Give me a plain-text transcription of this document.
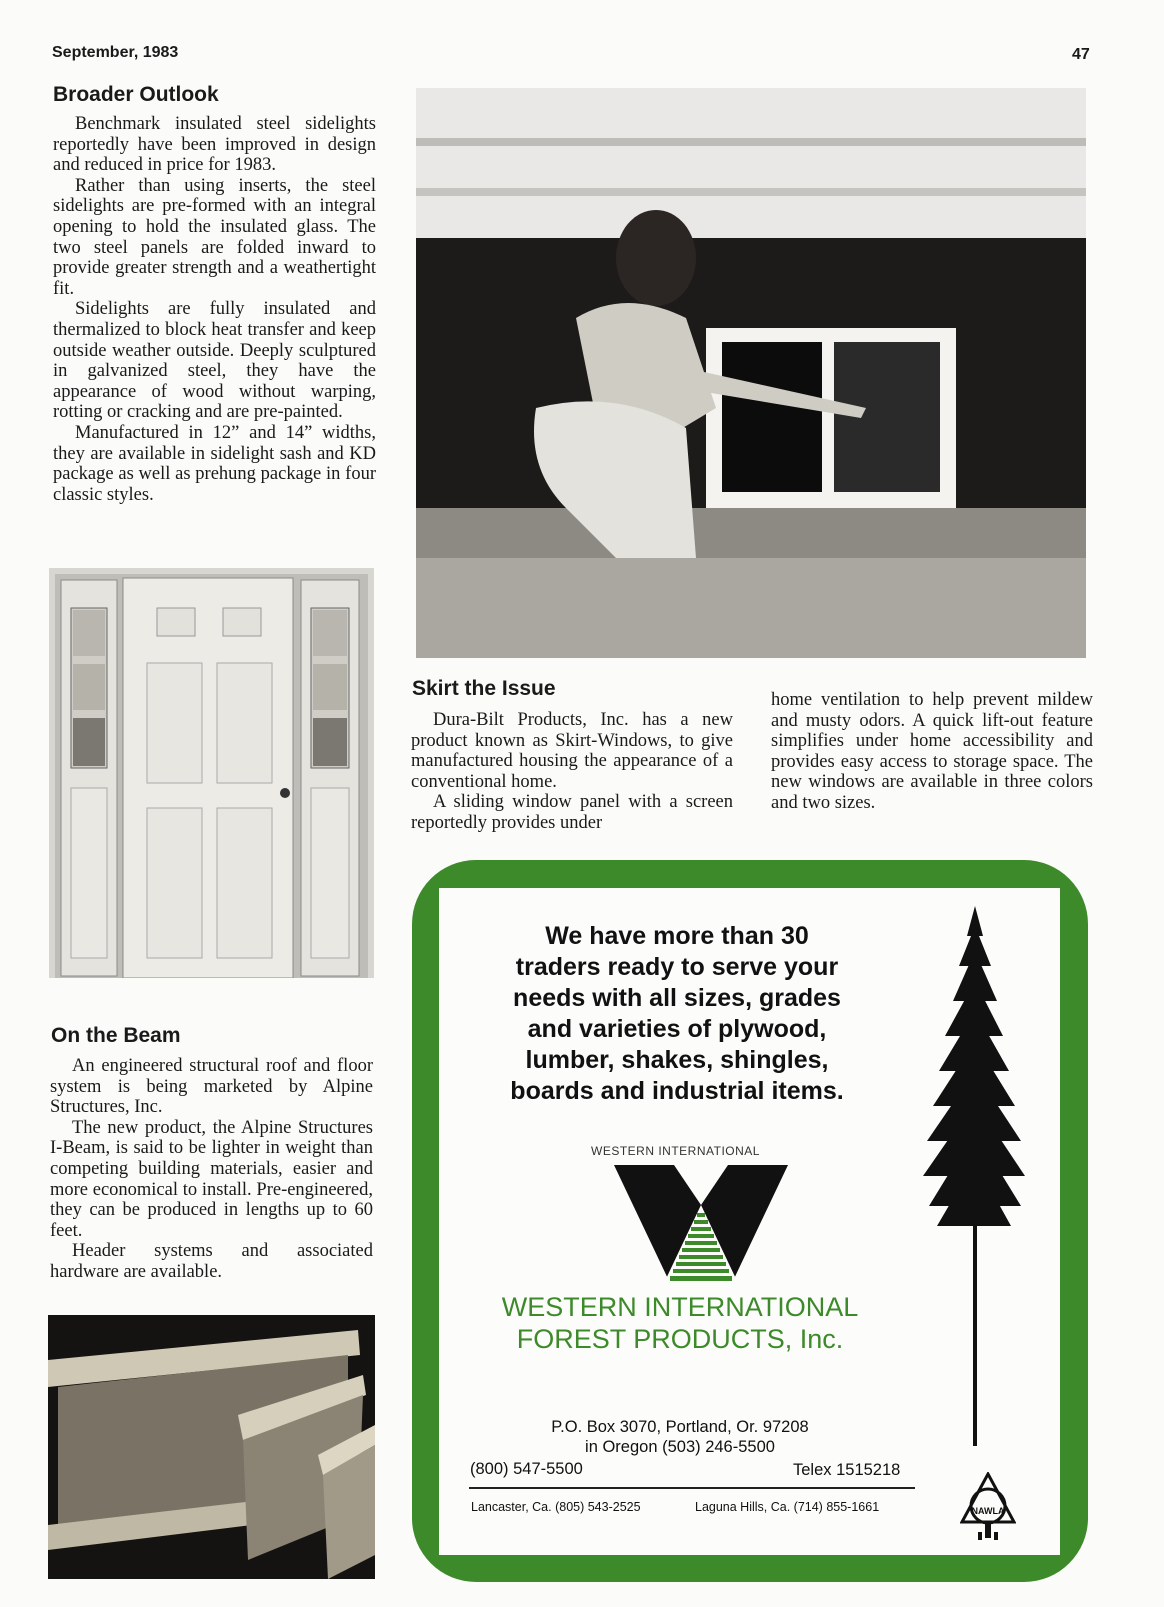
September, 1983	47
Broader Outlook

Benchmark insulated steel sidelights reportedly have been improved in design and reduced in price for 1983.

Rather than using inserts, the steel sidelights are pre-formed with an integral opening to hold the insulated glass. The two steel panels are folded inward to provide greater strength and a weathertight fit.

Sidelights are fully insulated and thermalized to block heat transfer and keep outside weather outside. Deeply sculptured in galvanized steel, they have the appearance of wood without warping, rotting or cracking and are pre-painted.

Manufactured in 12” and 14” widths, they are available in sidelight sash and KD package as well as prehung package in four classic styles.

Skirt the Issue

Dura-Bilt Products, Inc. has a new product known as Skirt-Windows, to give manufactured housing the appearance of a conventional home.

A sliding window panel with a screen reportedly provides under

home ventilation to help prevent mildew and musty odors. A quick lift-out feature simplifies under home accessibility and provides easy access to storage space. The new windows are available in three colors and two sizes.

On the Beam

An engineered structural roof and floor system is being marketed by Alpine Structures, Inc.

The new product, the Alpine Structures I-Beam, is said to be lighter in weight than competing building materials, easier and more economical to install. Pre-engineered, they can be produced in lengths up to 60 feet.

Header systems and associated hardware are available.

We have more than 30
traders ready to serve your
needs with all sizes, grades
and varieties of plywood,
lumber, shakes, shingles,
boards and industrial items.
WESTERN INTERNATIONAL
WESTERN INTERNATIONAL
FOREST PRODUCTS, Inc.
P.O. Box 3070, Portland, Or. 97208
in Oregon (503) 246-5500
(800) 547-5500	Telex 1515218
Lancaster, Ca. (805) 543-2525	Laguna Hills, Ca. (714) 855-1661	NAWLA
